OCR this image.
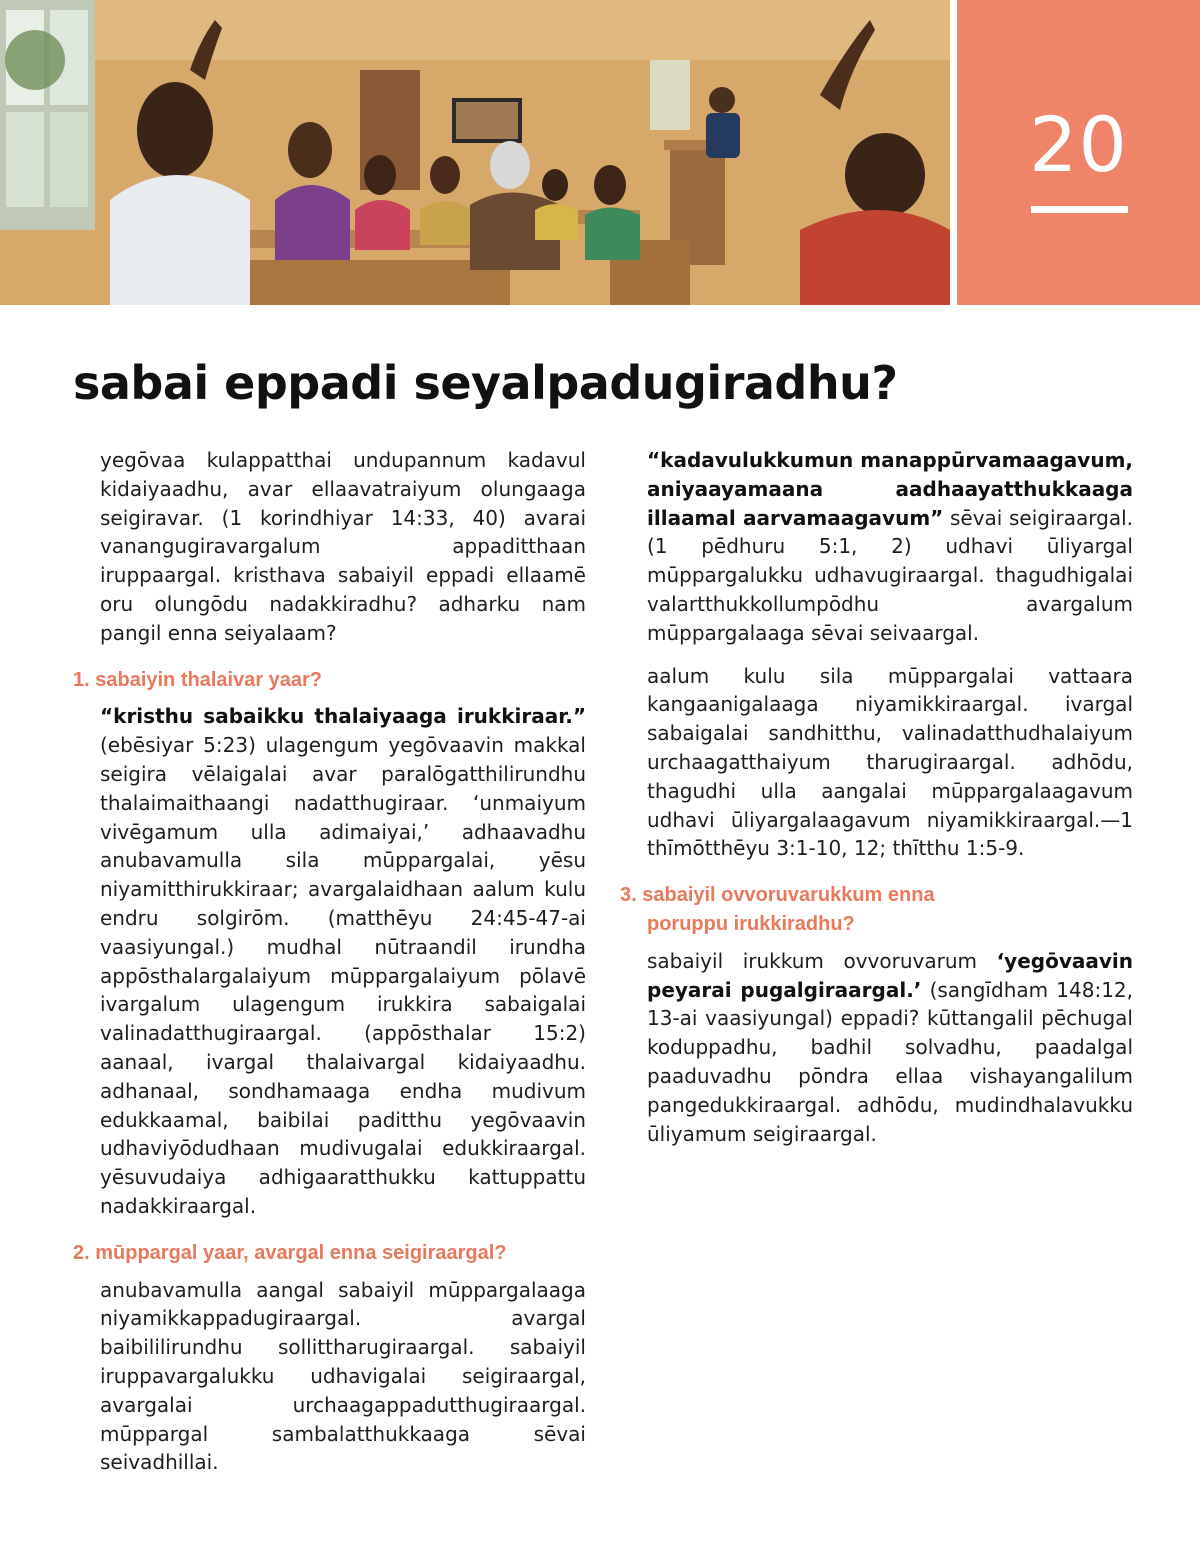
20
sabai eppadi seyalpadugiradhu?

yegōvaa kulappatthai undupannum kadavul kidaiyaadhu, avar ellaavatraiyum olungaaga seigiravar. (1 korindhiyar 14:33, 40) avarai vanangugiravargalum appaditthaan iruppaargal. kristhava sabaiyil eppadi ellaamē oru olungōdu nadakkiradhu? adharku nam pangil enna seiyalaam?

1. sabaiyin thalaivar yaar?

“kristhu sabaikku thalaiyaaga irukkiraar.” (ebēsiyar 5:23) ulagengum yegōvaavin makkal seigira vēlaigalai avar paralōgatthilirundhu thalaimaithaangi nadatthugiraar. ‘unmaiyum vivēgamum ulla adimaiyai,’ adhaavadhu anubavamulla sila mūppargalai, yēsu niyamitthirukkiraar; avargalaidhaan aalum kulu endru solgirōm. (matthēyu 24:45-47-ai vaasiyungal.) mudhal nūtraandil irundha appōsthalargalaiyum mūppargalaiyum pōlavē ivargalum ulagengum irukkira sabaigalai valinadatthugiraargal. (appōsthalar 15:2) aanaal, ivargal thalaivargal kidaiyaadhu. adhanaal, sondhamaaga endha mudivum edukkaamal, baibilai paditthu yegōvaavin udhaviyōdudhaan mudivugalai edukkiraargal. yēsuvudaiya adhigaaratthukku kattuppattu nadakkiraargal.

2. mūppargal yaar, avargal enna seigiraargal?

anubavamulla aangal sabaiyil mūppargalaaga niyamikkappadugiraargal. avargal baibililirundhu sollittharugiraargal. sabaiyil iruppavargalukku udhavigalai seigiraargal, avargalai urchaagappadutthugiraargal. mūppargal sambalatthukkaaga sēvai seivadhillai.

“kadavulukkumun manappūrvamaagavum, aniyaayamaana aadhaayatthukkaaga illaamal aarvamaagavum” sēvai seigiraargal. (1 pēdhuru 5:1, 2) udhavi ūliyargal mūppargalukku udhavugiraargal. thagudhigalai valartthukkollumpōdhu avargalum mūppargalaaga sēvai seivaargal.

aalum kulu sila mūppargalai vattaara kangaanigalaaga niyamikkiraargal. ivargal sabaigalai sandhitthu, valinadatthudhalaiyum urchaagatthaiyum tharugiraargal. adhōdu, thagudhi ulla aangalai mūppargalaagavum udhavi ūliyargalaagavum niyamikkiraargal.—1 thīmōtthēyu 3:1-10, 12; thītthu 1:5-9.

3. sabaiyil ovvoruvarukkum enna
poruppu irukkiradhu?

sabaiyil irukkum ovvoruvarum ‘yegōvaavin peyarai pugalgiraargal.’ (sangīdham 148:12, 13-ai vaasiyungal) eppadi? kūttangalil pēchugal koduppadhu, badhil solvadhu, paadalgal paaduvadhu pōndra ellaa vishayangalilum pangedukkiraargal. adhōdu, mudindhalavukku ūliyamum seigiraargal.
